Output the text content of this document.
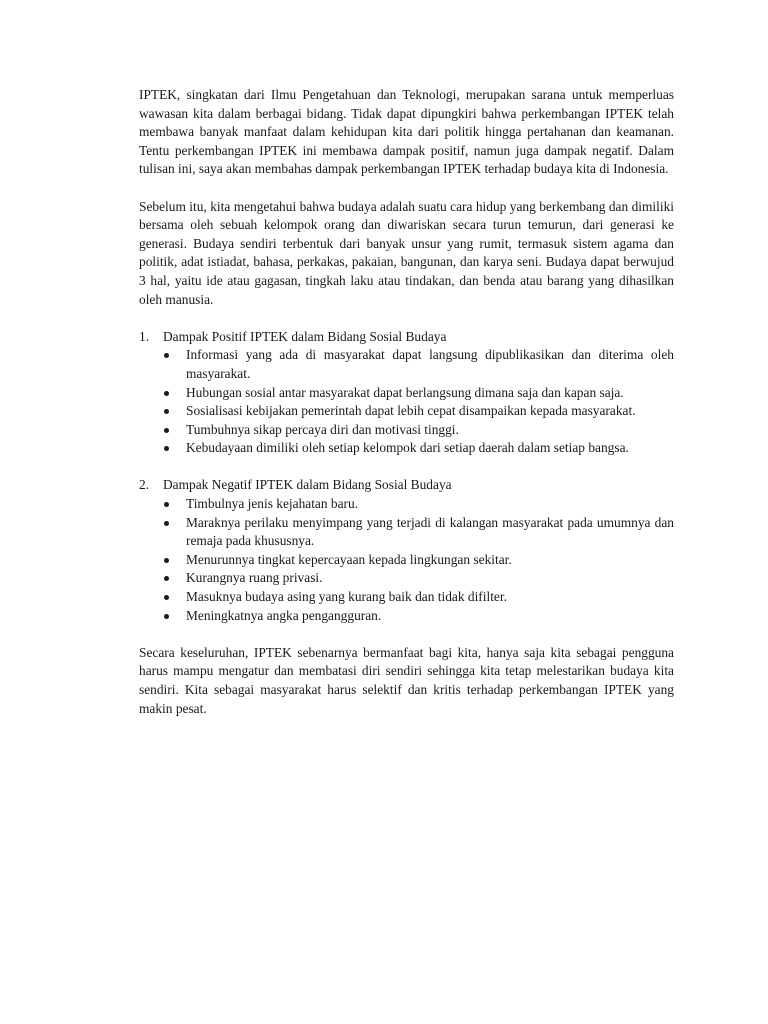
IPTEK, singkatan dari Ilmu Pengetahuan dan Teknologi, merupakan sarana untuk memperluas wawasan kita dalam berbagai bidang. Tidak dapat dipungkiri bahwa perkembangan IPTEK telah membawa banyak manfaat dalam kehidupan kita dari politik hingga pertahanan dan keamanan. Tentu perkembangan IPTEK ini membawa dampak positif, namun juga dampak negatif. Dalam tulisan ini, saya akan membahas dampak perkembangan IPTEK terhadap budaya kita di Indonesia.

Sebelum itu, kita mengetahui bahwa budaya adalah suatu cara hidup yang berkembang dan dimiliki bersama oleh sebuah kelompok orang dan diwariskan secara turun temurun, dari generasi ke generasi. Budaya sendiri terbentuk dari banyak unsur yang rumit, termasuk sistem agama dan politik, adat istiadat, bahasa, perkakas, pakaian, bangunan, dan karya seni. Budaya dapat berwujud 3 hal, yaitu ide atau gagasan, tingkah laku atau tindakan, dan benda atau barang yang dihasilkan oleh manusia.

1.	Dampak Positif IPTEK dalam Bidang Sosial Budaya
Informasi yang ada di masyarakat dapat langsung dipublikasikan dan diterima oleh masyarakat.
Hubungan sosial antar masyarakat dapat berlangsung dimana saja dan kapan saja.
Sosialisasi kebijakan pemerintah dapat lebih cepat disampaikan kepada masyarakat.
Tumbuhnya sikap percaya diri dan motivasi tinggi.
Kebudayaan dimiliki oleh setiap kelompok dari setiap daerah dalam setiap bangsa.
2.	Dampak Negatif IPTEK dalam Bidang Sosial Budaya
Timbulnya jenis kejahatan baru.
Maraknya perilaku menyimpang yang terjadi di kalangan masyarakat pada umumnya dan remaja pada khususnya.
Menurunnya tingkat kepercayaan kepada lingkungan sekitar.
Kurangnya ruang privasi.
Masuknya budaya asing yang kurang baik dan tidak difilter.
Meningkatnya angka pengangguran.

Secara keseluruhan, IPTEK sebenarnya bermanfaat bagi kita, hanya saja kita sebagai pengguna harus mampu mengatur dan membatasi diri sendiri sehingga kita tetap melestarikan budaya kita sendiri. Kita sebagai masyarakat harus selektif dan kritis terhadap perkembangan IPTEK yang makin pesat.
